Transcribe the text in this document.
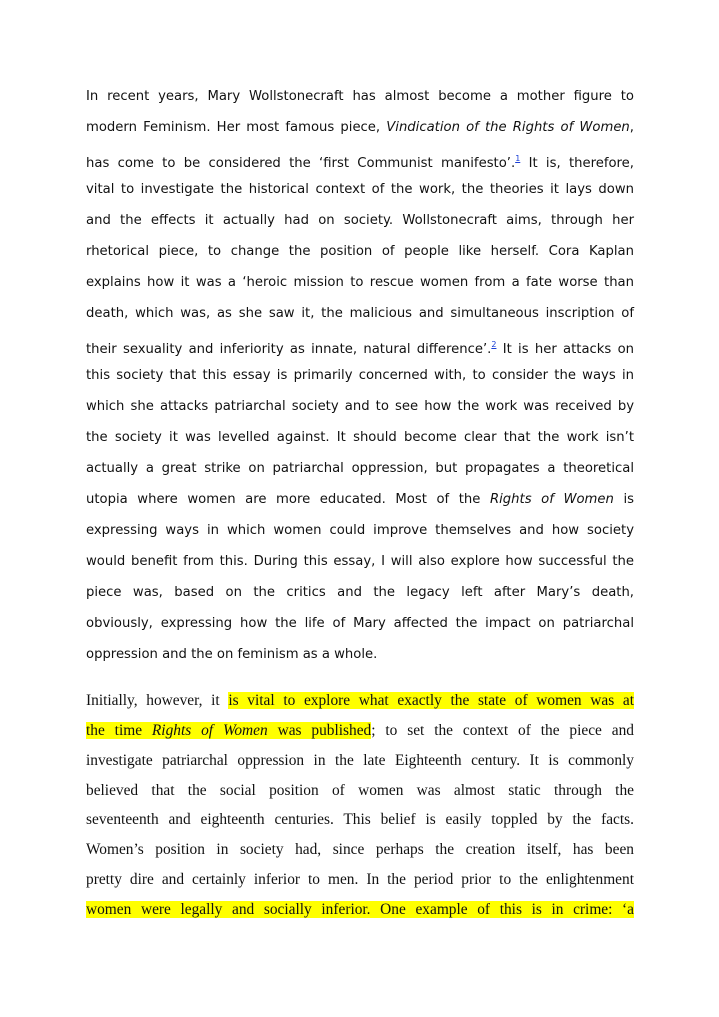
In recent years, Mary Wollstonecraft has almost become a mother figure to
modern Feminism. Her most famous piece, Vindication of the Rights of Women,
has come to be considered the ‘first Communist manifesto’.$^1$ It is, therefore,
vital to investigate the historical context of the work, the theories it lays down
and the effects it actually had on society. Wollstonecraft aims, through her
rhetorical piece, to change the position of people like herself. Cora Kaplan
explains how it was a ‘heroic mission to rescue women from a fate worse than
death, which was, as she saw it, the malicious and simultaneous inscription of
their sexuality and inferiority as innate, natural difference’.$^2$ It is her attacks on
this society that this essay is primarily concerned with, to consider the ways in
which she attacks patriarchal society and to see how the work was received by
the society it was levelled against. It should become clear that the work isn’t
actually a great strike on patriarchal oppression, but propagates a theoretical
utopia where women are more educated. Most of the Rights of Women is
expressing ways in which women could improve themselves and how society
would benefit from this. During this essay, I will also explore how successful the
piece was, based on the critics and the legacy left after Mary’s death,
obviously, expressing how the life of Mary affected the impact on patriarchal
oppression and the on feminism as a whole.
Initially, however, it is vital to explore what exactly the state of women was at
the time Rights of Women was published; to set the context of the piece and
investigate patriarchal oppression in the late Eighteenth century. It is commonly
believed that the social position of women was almost static through the
seventeenth and eighteenth centuries. This belief is easily toppled by the facts.
Women’s position in society had, since perhaps the creation itself, has been
pretty dire and certainly inferior to men. In the period prior to the enlightenment
women were legally and socially inferior. One example of this is in crime: ‘a
